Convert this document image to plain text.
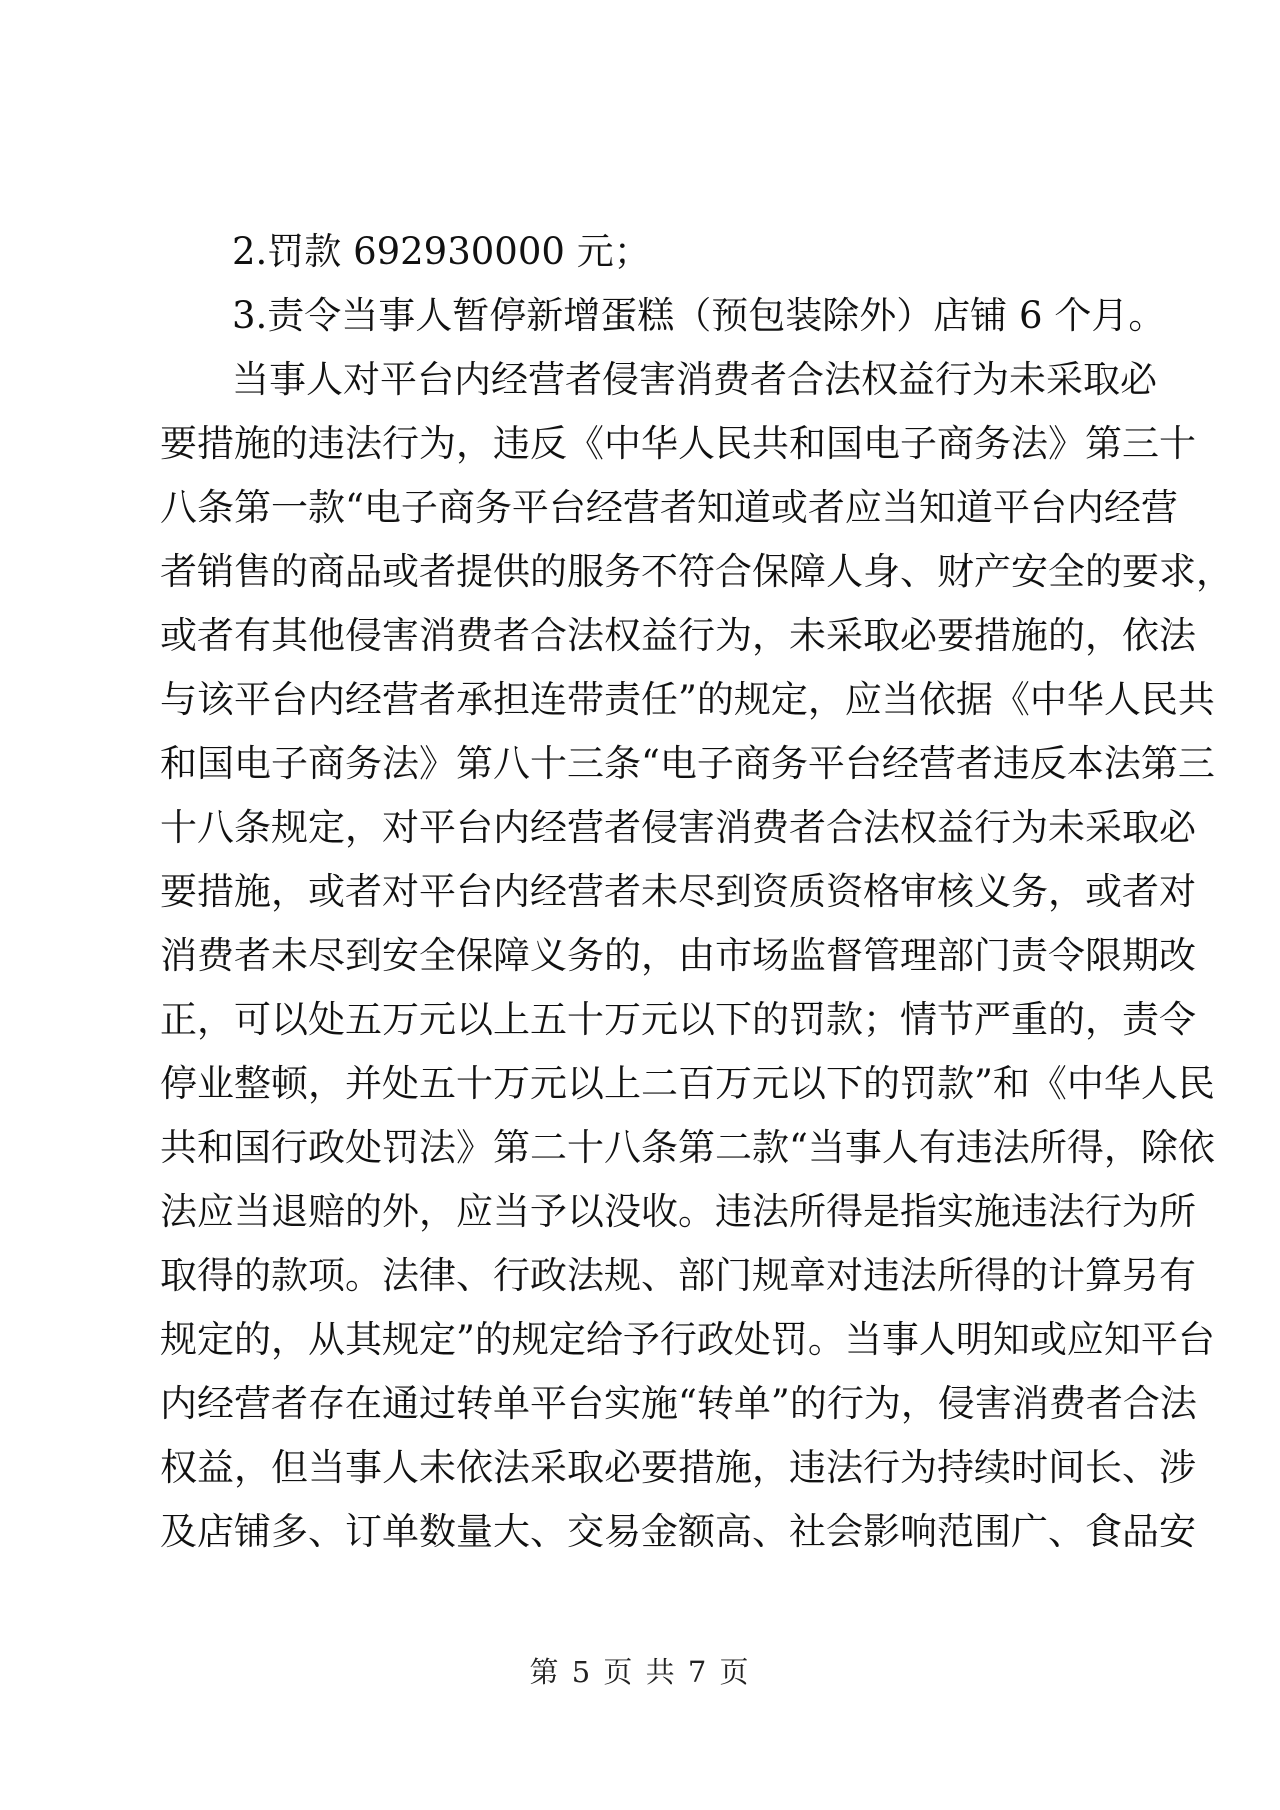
2.罚款 692930000 元；
3.责令当事人暂停新增蛋糕（预包装除外）店铺 6 个月。
当事人对平台内经营者侵害消费者合法权益行为未采取必
要措施的违法行为，违反《中华人民共和国电子商务法》第三十
八条第一款“电子商务平台经营者知道或者应当知道平台内经营
者销售的商品或者提供的服务不符合保障人身、财产安全的要求，
或者有其他侵害消费者合法权益行为，未采取必要措施的，依法
与该平台内经营者承担连带责任”的规定，应当依据《中华人民共
和国电子商务法》第八十三条“电子商务平台经营者违反本法第三
十八条规定，对平台内经营者侵害消费者合法权益行为未采取必
要措施，或者对平台内经营者未尽到资质资格审核义务，或者对
消费者未尽到安全保障义务的，由市场监督管理部门责令限期改
正，可以处五万元以上五十万元以下的罚款；情节严重的，责令
停业整顿，并处五十万元以上二百万元以下的罚款”和《中华人民
共和国行政处罚法》第二十八条第二款“当事人有违法所得，除依
法应当退赔的外，应当予以没收。违法所得是指实施违法行为所
取得的款项。法律、行政法规、部门规章对违法所得的计算另有
规定的，从其规定”的规定给予行政处罚。当事人明知或应知平台
内经营者存在通过转单平台实施“转单”的行为，侵害消费者合法
权益，但当事人未依法采取必要措施，违法行为持续时间长、涉
及店铺多、订单数量大、交易金额高、社会影响范围广、食品安
第 5 页 共 7 页
